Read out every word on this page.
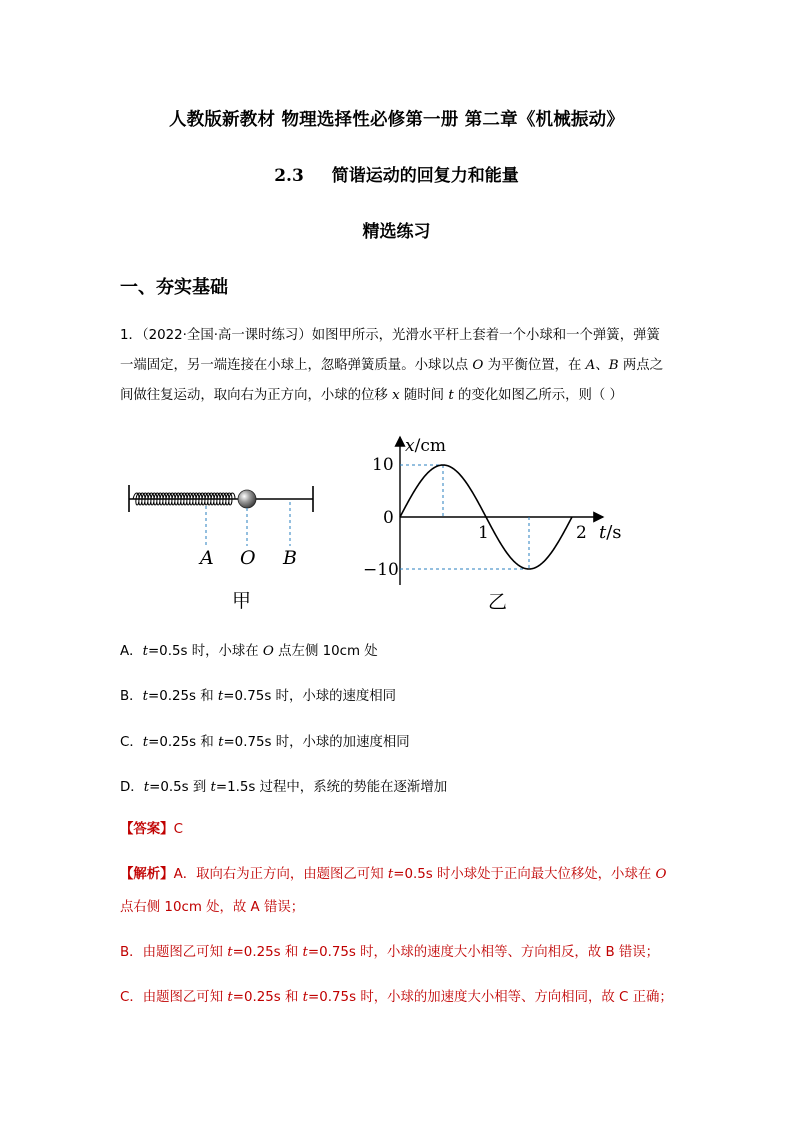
人教版新教材 物理选择性必修第一册 第二章《机械振动》
2.3 简谐运动的回复力和能量
精选练习
一、夯实基础
1．（2022·全国·高一课时练习）如图甲所示，光滑水平杆上套着一个小球和一个弹簧，弹簧
一端固定，另一端连接在小球上，忽略弹簧质量。小球以点 O 为平衡位置，在 A、B 两点之
间做往复运动，取向右为正方向，小球的位移 x 随时间 t 的变化如图乙所示，则（ ）
A O B
甲
x/cm
t/s
10
0
−10
1	2
乙
A．t=0.5s 时，小球在 O 点左侧 10cm 处
B．t=0.25s 和 t=0.75s 时，小球的速度相同
C．t=0.25s 和 t=0.75s 时，小球的加速度相同
D．t=0.5s 到 t=1.5s 过程中，系统的势能在逐渐增加
【答案】C
【解析】A．取向右为正方向，由题图乙可知 t=0.5s 时小球处于正向最大位移处，小球在 O
点右侧 10cm 处，故 A 错误；
B．由题图乙可知 t=0.25s 和 t=0.75s 时，小球的速度大小相等、方向相反，故 B 错误；
C．由题图乙可知 t=0.25s 和 t=0.75s 时，小球的加速度大小相等、方向相同，故 C 正确；
